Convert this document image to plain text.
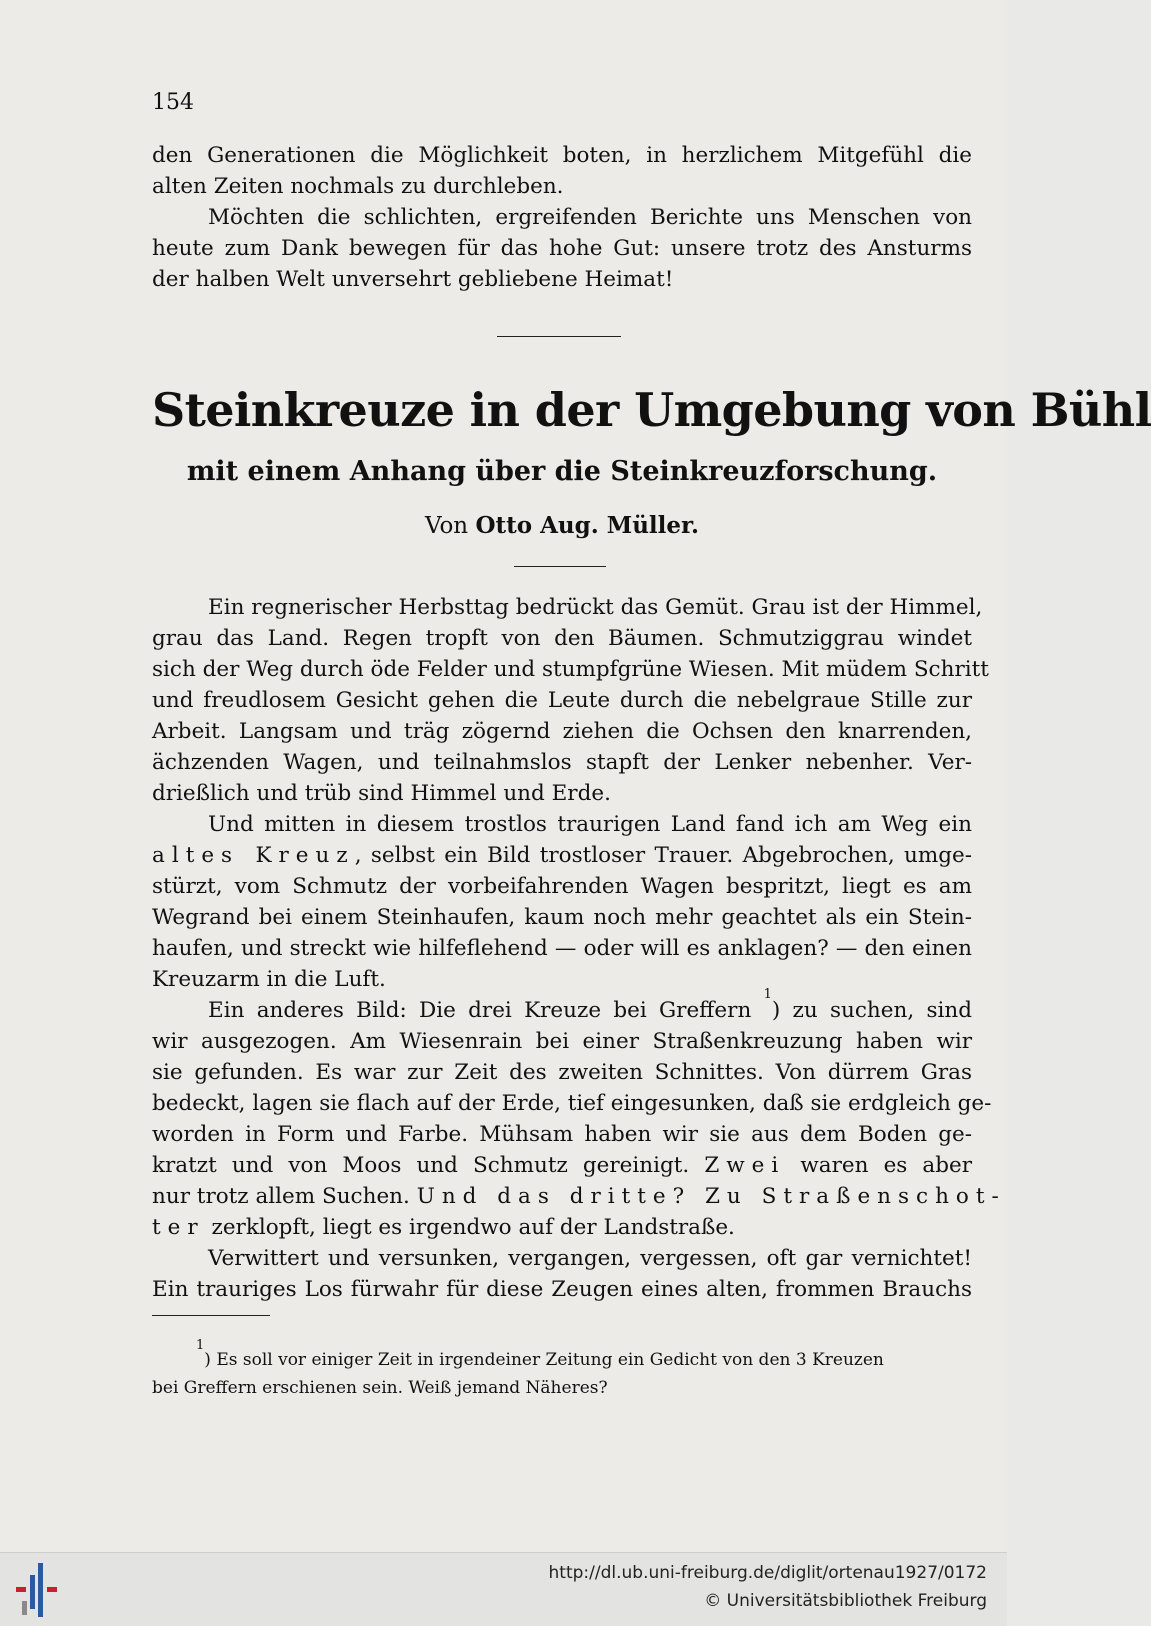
154
den Generationen die Möglichkeit boten, in herzlichem Mitgefühl die
alten Zeiten nochmals zu durchleben.
Möchten die schlichten, ergreifenden Berichte uns Menschen von
heute zum Dank bewegen für das hohe Gut: unsere trotz des Ansturms
der halben Welt unversehrt gebliebene Heimat!
Steinkreuze in der Umgebung von Bühl
mit einem Anhang über die Steinkreuzforschung.
Von Otto Aug. Müller.
Ein regnerischer Herbsttag bedrückt das Gemüt. Grau ist der Himmel,
grau das Land. Regen tropft von den Bäumen. Schmutziggrau windet
sich der Weg durch öde Felder und stumpfgrüne Wiesen. Mit müdem Schritt
und freudlosem Gesicht gehen die Leute durch die nebelgraue Stille zur
Arbeit. Langsam und träg zögernd ziehen die Ochsen den knarrenden,
ächzenden Wagen, und teilnahmslos stapft der Lenker nebenher. Ver-
drießlich und trüb sind Himmel und Erde.
Und mitten in diesem trostlos traurigen Land fand ich am Weg ein
altes Kreuz, selbst ein Bild trostloser Trauer. Abgebrochen, umge-
stürzt, vom Schmutz der vorbeifahrenden Wagen bespritzt, liegt es am
Wegrand bei einem Steinhaufen, kaum noch mehr geachtet als ein Stein-
haufen, und streckt wie hilfeflehend — oder will es anklagen? — den einen
Kreuzarm in die Luft.
Ein anderes Bild: Die drei Kreuze bei Greffern $^1$) zu suchen, sind
wir ausgezogen. Am Wiesenrain bei einer Straßenkreuzung haben wir
sie gefunden. Es war zur Zeit des zweiten Schnittes. Von dürrem Gras
bedeckt, lagen sie flach auf der Erde, tief eingesunken, daß sie erdgleich ge-
worden in Form und Farbe. Mühsam haben wir sie aus dem Boden ge-
kratzt und von Moos und Schmutz gereinigt. Zwei waren es aber
nur trotz allem Suchen. Und das dritte? Zu Straßenschot-
ter zerklopft, liegt es irgendwo auf der Landstraße.
Verwittert und versunken, vergangen, vergessen, oft gar vernichtet!
Ein trauriges Los fürwahr für diese Zeugen eines alten, frommen Brauchs
$^1$) Es soll vor einiger Zeit in irgendeiner Zeitung ein Gedicht von den 3 Kreuzen
bei Greffern erschienen sein. Weiß jemand Näheres?
http://dl.ub.uni-freiburg.de/diglit/ortenau1927/0172
© Universitätsbibliothek Freiburg
